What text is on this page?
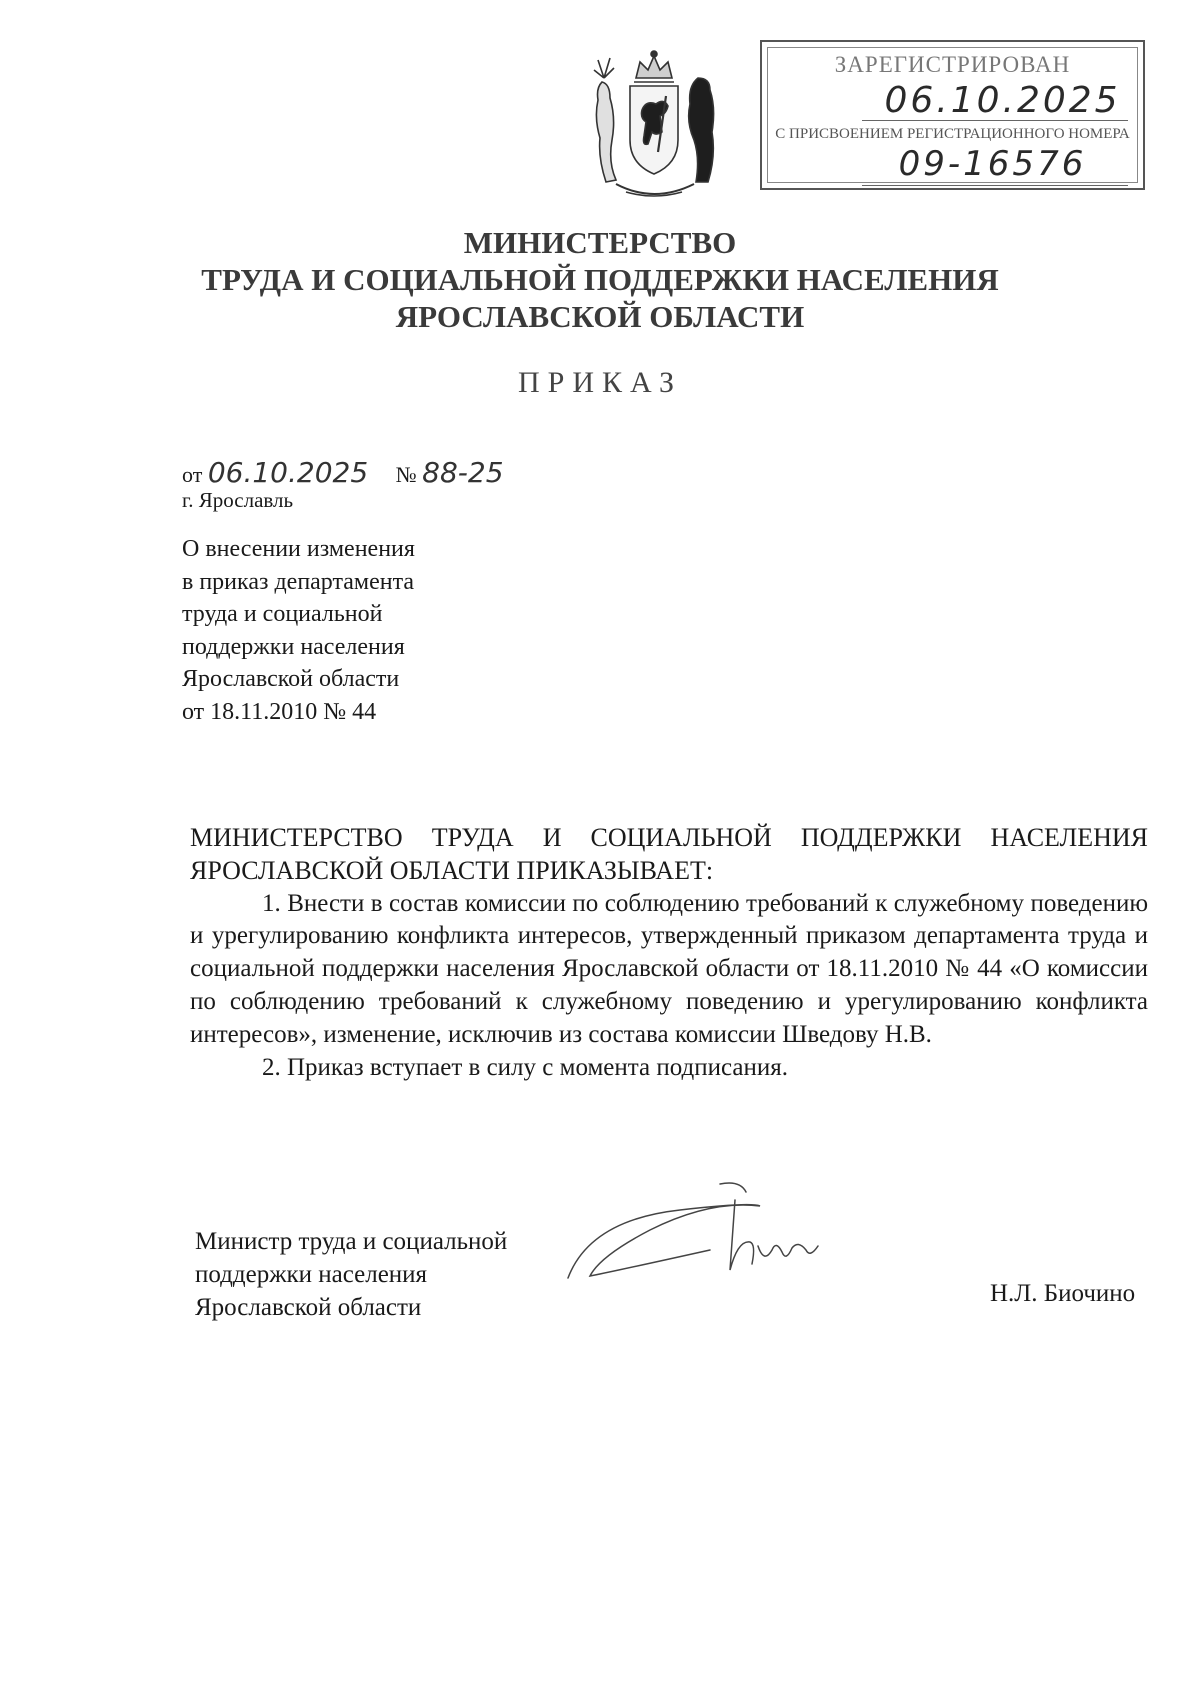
ЗАРЕГИСТРИРОВАН
06.10.2025
С ПРИСВОЕНИЕМ РЕГИСТРАЦИОННОГО НОМЕРА
09-16576
МИНИСТЕРСТВО
ТРУДА И СОЦИАЛЬНОЙ ПОДДЕРЖКИ НАСЕЛЕНИЯ
ЯРОСЛАВСКОЙ ОБЛАСТИ
ПРИКАЗ
от 06.10.2025 № 88-25
г. Ярославль
О внесении изменения
в приказ департамента
труда и социальной
поддержки населения
Ярославской области
от 18.11.2010 № 44

МИНИСТЕРСТВО ТРУДА И СОЦИАЛЬНОЙ ПОДДЕРЖКИ НАСЕЛЕНИЯ ЯРОСЛАВСКОЙ ОБЛАСТИ ПРИКАЗЫВАЕТ:

1. Внести в состав комиссии по соблюдению требований к служебному поведению и урегулированию конфликта интересов, утвержденный приказом департамента труда и социальной поддержки населения Ярославской области от 18.11.2010 № 44 «О комиссии по соблюдению требований к служебному поведению и урегулированию конфликта интересов», изменение, исключив из состава комиссии Шведову Н.В.

2. Приказ вступает в силу с момента подписания.

Министр труда и социальной
поддержки населения
Ярославской области
Н.Л. Биочино
